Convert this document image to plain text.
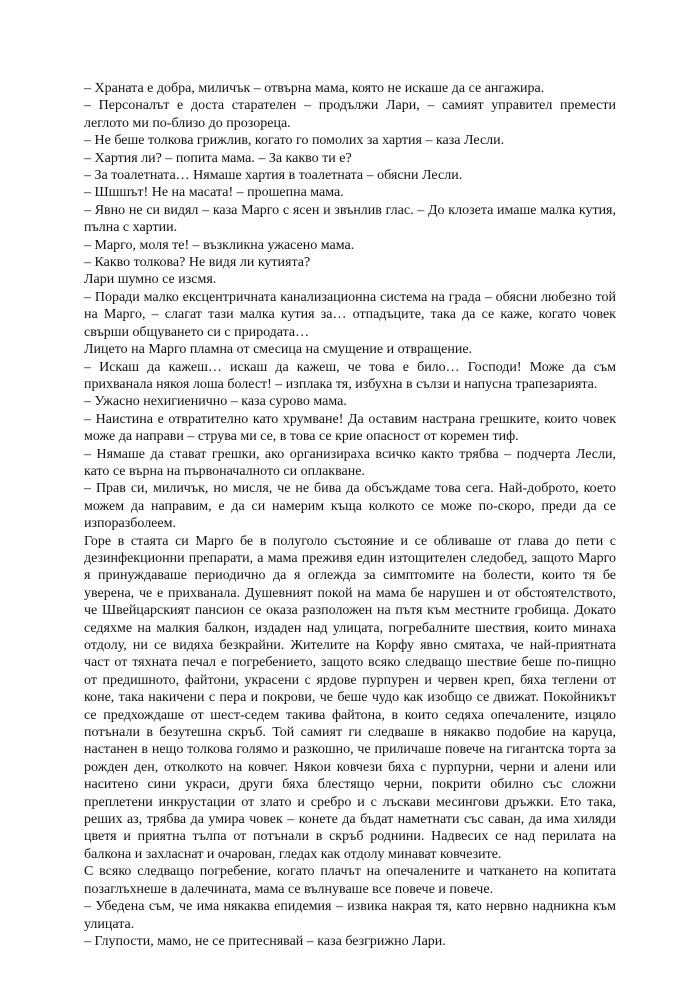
– Храната е добра, миличък – отвърна мама, която не искаше да се ангажира.

– Персоналът е доста старателен – продължи Лари, – самият управител премести леглото ми по-близо до прозореца.

– Не беше толкова грижлив, когато го помолих за хартия – каза Лесли.

– Хартия ли? – попита мама. – За какво ти е?

– За тоалетната… Нямаше хартия в тоалетната – обясни Лесли.

– Шшшът! Не на масата! – прошепна мама.

– Явно не си видял – каза Марго с ясен и звънлив глас. – До клозета имаше малка кутия, пълна с хартии.

– Марго, моля те! – възкликна ужасено мама.

– Какво толкова? Не видя ли кутията?

Лари шумно се изсмя.

– Поради малко ексцентричната канализационна система на града – обясни любезно той на Марго, – слагат тази малка кутия за… отпадъците, така да се каже, когато човек свърши общуването си с природата…

Лицето на Марго пламна от смесица на смущение и отвращение.

– Искаш да кажеш… искаш да кажеш, че това е било… Господи! Може да съм прихванала някоя лоша болест! – изплака тя, избухна в сълзи и напусна трапезарията.

– Ужасно нехигиенично – каза сурово мама.

– Наистина е отвратително като хрумване! Да оставим настрана грешките, които човек може да направи – струва ми се, в това се крие опасност от коремен тиф.

– Нямаше да стават грешки, ако организираха всичко както трябва – подчерта Лесли, като се върна на първоначалното си оплакване.

– Прав си, миличък, но мисля, че не бива да обсъждаме това сега. Най-доброто, което можем да направим, е да си намерим къща колкото се може по-скоро, преди да се изпоразболеем.

Горе в стаята си Марго бе в полуголо състояние и се обливаше от глава до пети с дезинфекционни препарати, а мама преживя един изтощителен следобед, защото Марго я принуждаваше периодично да я оглежда за симптомите на болести, които тя бе уверена, че е прихванала. Душевният покой на мама бе нарушен и от обстоятелството, че Швейцарският пансион се оказа разположен на пътя към местните гробища. Докато седяхме на малкия балкон, издаден над улицата, погребалните шествия, които минаха отдолу, ни се видяха безкрайни. Жителите на Корфу явно смятаха, че най-приятната част от тяхната печал е погребението, защото всяко следващо шествие беше по-пищно от предишното, файтони, украсени с ярдове пурпурен и червен креп, бяха теглени от коне, така накичени с пера и покрови, че беше чудо как изобщо се движат. Покойникът се предхождаше от шест-седем такива файтона, в които седяха опечалените, изцяло потънали в безутешна скръб. Той самият ги следваше в някакво подобие на каруца, настанен в нещо толкова голямо и разкошно, че приличаше повече на гигантска торта за рожден ден, отколкото на ковчег. Някои ковчези бяха с пурпурни, черни и алени или наситено сини украси, други бяха блестящо черни, покрити обилно със сложни преплетени инкрустации от злато и сребро и с лъскави месингови дръжки. Ето така, реших аз, трябва да умира човек – конете да бъдат наметнати със саван, да има хиляди цветя и приятна тълпа от потънали в скръб роднини. Надвесих се над перилата на балкона и захласнат и очарован, гледах как отдолу минават ковчезите.

С всяко следващо погребение, когато плачът на опечалените и чаткането на копитата позаглъхнеше в далечината, мама се вълнуваше все повече и повече.

– Убедена съм, че има някаква епидемия – извика накрая тя, като нервно надникна към улицата.

– Глупости, мамо, не се притеснявай – каза безгрижно Лари.
